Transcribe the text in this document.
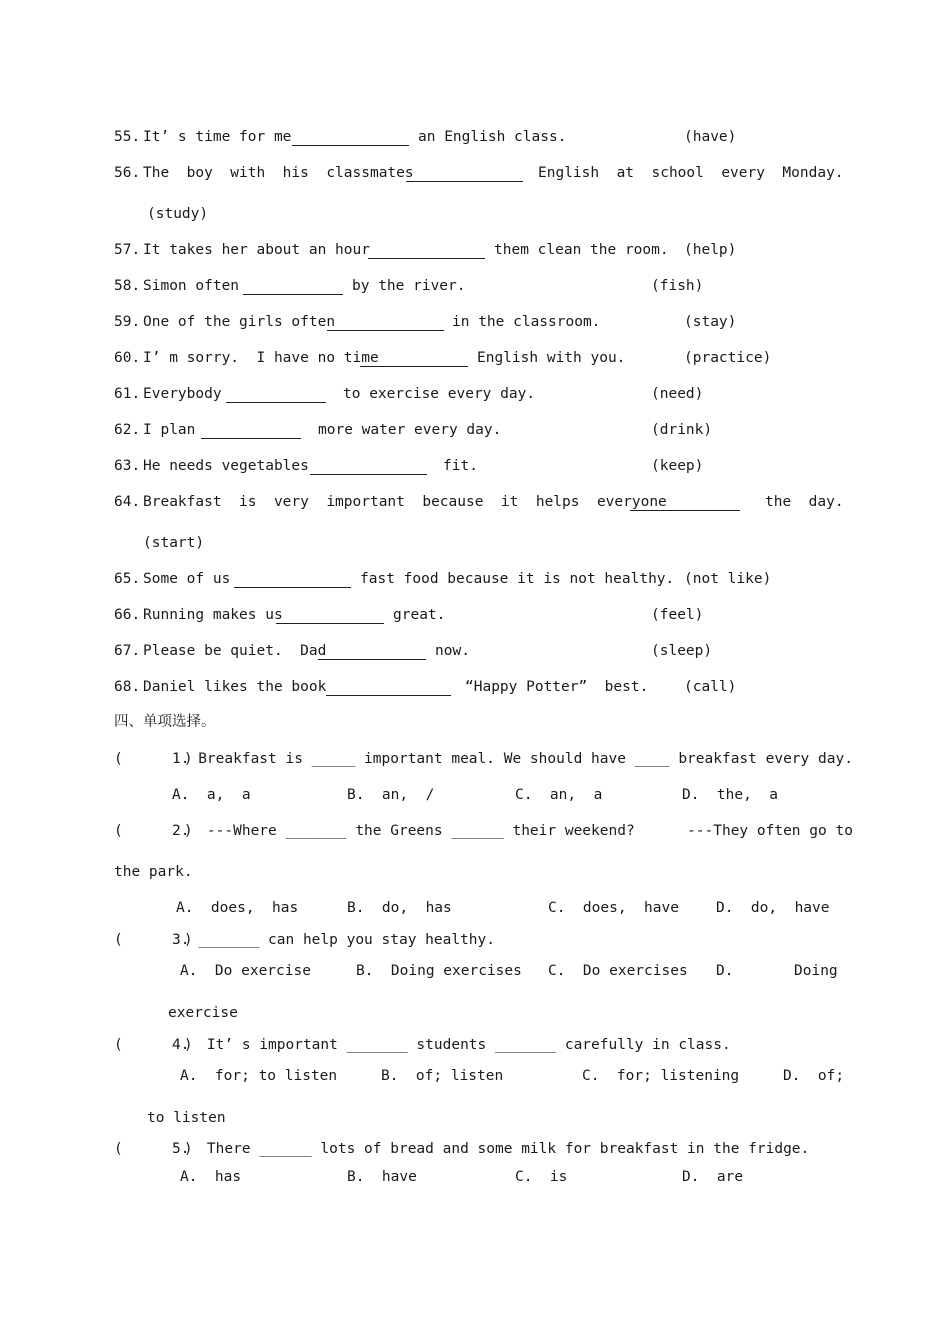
55. It’ s time for me	an English class.	(have)
56. The  boy  with  his  classmates	English  at  school  every  Monday.
(study)
57. It takes her about an hour	them clean the room. (help)
58. Simon often	by the river.	(fish)
59. One of the girls often	in the classroom.	(stay)
60. I’ m sorry.  I have no time	English with you.	(practice)
61. Everybody	to exercise every day.	(need)
62. I plan	more water every day.	(drink)
63. He needs vegetables	fit.	(keep)
64. Breakfast  is  very  important  because  it  helps  everyone	the  day.
(start)
65. Some of us	fast food because it is not healthy. (not like)
66. Running makes us	great.	(feel)
67. Please be quiet.  Dad	now.	(sleep)
68. Daniel likes the book	“Happy Potter”  best. (call)
四、单项选择。
(       )
1. Breakfast is _____ important meal. We should have ____ breakfast every day.
A.  a,  a	B.  an,  /	C.  an,  a	D.  the,  a
(       )
2.  ---Where _______ the Greens ______ their weekend?      ---They often go to
the park.
A.  does,  has	B.  do,  has	C.  does,  have	D.  do,  have
(       )
3. _______ can help you stay healthy.
A.  Do exercise	B.  Doing exercises C.  Do exercises D.	Doing
exercise
(       )
4.  It’ s important _______ students _______ carefully in class.
A.  for; to listen	B.  of; listen	C.  for; listening	D.  of;
to listen
(       )
5.  There ______ lots of bread and some milk for breakfast in the fridge.
A.  has	B.  have	C.  is	D.  are
